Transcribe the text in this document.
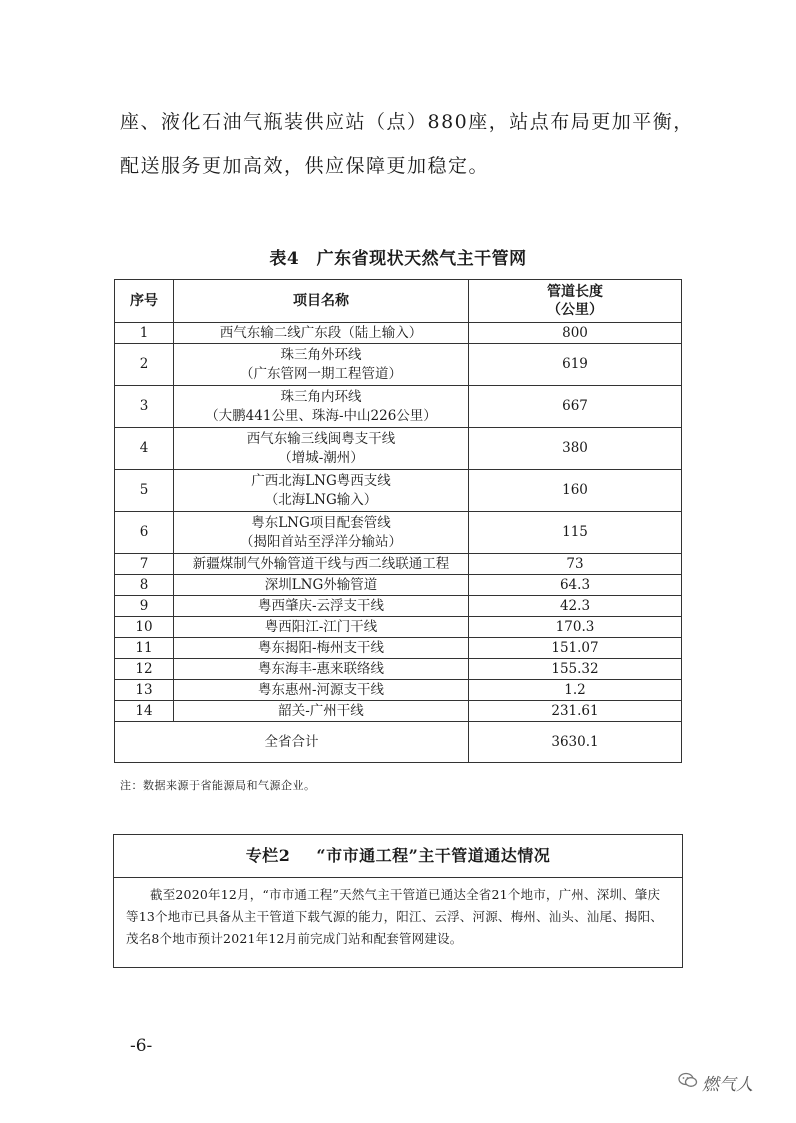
座、液化石油气瓶装供应站（点）880座，站点布局更加平衡，

配送服务更加高效，供应保障更加稳定。

表4　广东省现状天然气主干管网
序号	项目名称	管道长度
（公里）

1	西气东输二线广东段（陆上输入）	800
2	珠三角外环线
（广东管网一期工程管道）	619
3	珠三角内环线
（大鹏441公里、珠海-中山226公里）	667
4	西气东输三线闽粤支干线
（增城-潮州）	380
5	广西北海LNG粤西支线
（北海LNG输入）	160
6	粤东LNG项目配套管线
（揭阳首站至浮洋分输站）	115
7	新疆煤制气外输管道干线与西二线联通工程	73
8	深圳LNG外输管道	64.3
9	粤西肇庆-云浮支干线	42.3
10	粤西阳江-江门干线	170.3
11	粤东揭阳-梅州支干线	151.07
12	粤东海丰-惠来联络线	155.32
13	粤东惠州-河源支干线	1.2
14	韶关-广州干线	231.61
全省合计		3630.1
注：数据来源于省能源局和气源企业。
专栏2 “市市通工程”主干管道通达情况
截至2020年12月，“市市通工程”天然气主干管道已通达全省21个地市，广州、深圳、肇庆等13个地市已具备从主干管道下载气源的能力，阳江、云浮、河源、梅州、汕头、汕尾、揭阳、茂名8个地市预计2021年12月前完成门站和配套管网建设。
-6-
燃气人
